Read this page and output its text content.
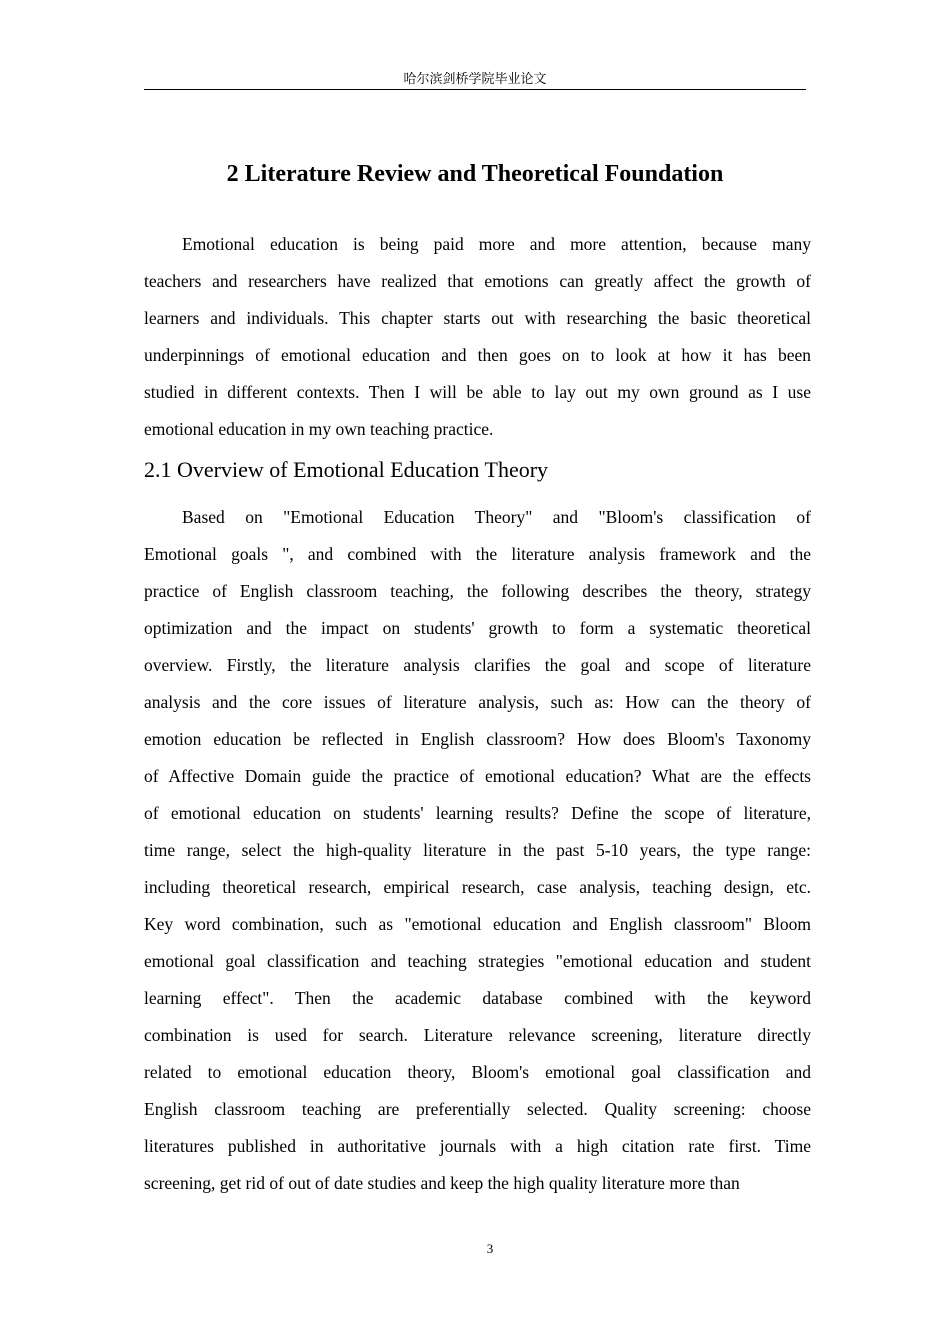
哈尔滨剑桥学院毕业论文
2 Literature Review and Theoretical Foundation
Emotional education is being paid more and more attention, because many
teachers and researchers have realized that emotions can greatly affect the growth of
learners and individuals. This chapter starts out with researching the basic theoretical
underpinnings of emotional education and then goes on to look at how it has been
studied in different contexts. Then I will be able to lay out my own ground as I use
emotional education in my own teaching practice.
2.1 Overview of Emotional Education Theory
Based on "Emotional Education Theory" and "Bloom's classification of
Emotional goals ", and combined with the literature analysis framework and the
practice of English classroom teaching, the following describes the theory, strategy
optimization and the impact on students' growth to form a systematic theoretical
overview. Firstly, the literature analysis clarifies the goal and scope of literature
analysis and the core issues of literature analysis, such as: How can the theory of
emotion education be reflected in English classroom? How does Bloom's Taxonomy
of Affective Domain guide the practice of emotional education? What are the effects
of emotional education on students' learning results? Define the scope of literature,
time range, select the high-quality literature in the past 5-10 years, the type range:
including theoretical research, empirical research, case analysis, teaching design, etc.
Key word combination, such as "emotional education and English classroom" Bloom
emotional goal classification and teaching strategies "emotional education and student
learning effect". Then the academic database combined with the keyword
combination is used for search. Literature relevance screening, literature directly
related to emotional education theory, Bloom's emotional goal classification and
English classroom teaching are preferentially selected. Quality screening: choose
literatures published in authoritative journals with a high citation rate first. Time
screening, get rid of out of date studies and keep the high quality literature more than
3
